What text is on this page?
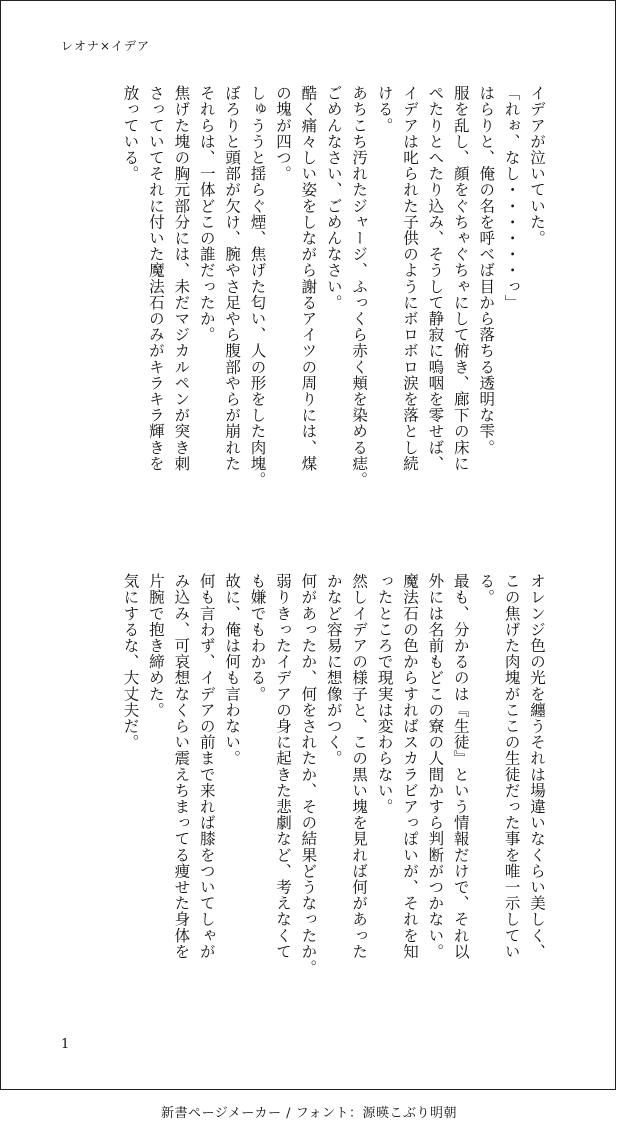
レオナ×イデア
イデアが泣いていた。
「れぉ、なし・・・・・・っ」
はらりと、俺の名を呼べば目から落ちる透明な雫。
服を乱し、顔をぐちゃぐちゃにして俯き、廊下の床に
ぺたりとへたり込み、そうして静寂に嗚咽を零せば、
イデアは叱られた子供のようにボロボロ涙を落とし続
ける。
あちこち汚れたジャージ、ふっくら赤く頬を染める痣。
ごめんなさい、ごめんなさい。
酷く痛々しい姿をしながら謝るアイツの周りには、煤
の塊が四つ。
しゅううと揺らぐ煙、焦げた匂い、人の形をした肉塊。
ぼろりと頭部が欠け、腕やさ足やら腹部やらが崩れた
それらは、一体どこの誰だったか。
焦げた塊の胸元部分には、未だマジカルペンが突き刺
さっていてそれに付いた魔法石のみがキラキラ輝きを
放っている。
オレンジ色の光を纏うそれは場違いなくらい美しく、
この焦げた肉塊がここの生徒だった事を唯一示してい
る。
最も、分かるのは『生徒』という情報だけで、それ以
外には名前もどこの寮の人間かすら判断がつかない。
魔法石の色からすればスカラビアっぽいが、それを知
ったところで現実は変わらない。
然しイデアの様子と、この黒い塊を見れば何があった
かなど容易に想像がつく。
何があったか、何をされたか、その結果どうなったか。
弱りきったイデアの身に起きた悲劇など、考えなくて
も嫌でもわかる。
故に、俺は何も言わない。
何も言わず、イデアの前まで来れば膝をついてしゃが
み込み、可哀想なくらい震えちまってる痩せた身体を
片腕で抱き締めた。
気にするな、大丈夫だ。
1
新書ページメーカー / フォント：源暎こぶり明朝
